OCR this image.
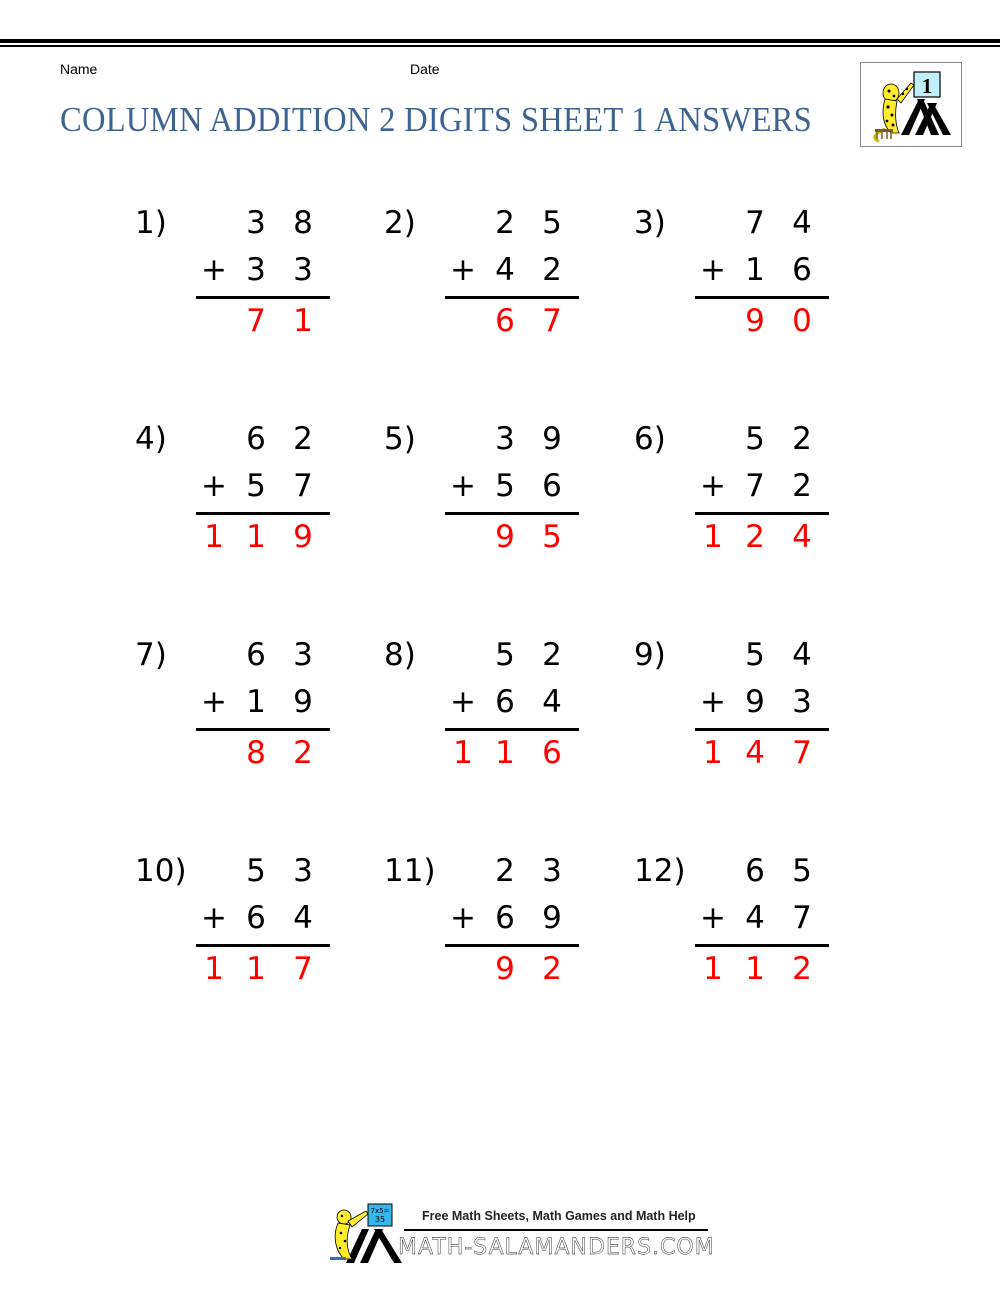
Name	Date
COLUMN ADDITION 2 DIGITS SHEET 1 ANSWERS
1
1)	3 8
+ 3 3
7 1
2)	2 5
+ 4 2
6 7
3)	7 4
+ 1 6
9 0
4)	6 2
+ 5 7
1 1 9
5)	3 9
+ 5 6
9 5
6)	5 2
+ 7 2
1 2 4
7)	6 3
+ 1 9
8 2
8)	5 2
+ 6 4
1 1 6
9)	5 4
+ 9 3
1 4 7
10) 5 3
+ 6 4
1 1 7
11) 2 3
+ 6 9
9 2
12) 6 5
+ 4 7
1 1 2
7x5=
35	Free Math Sheets, Math Games and Math Help
MATH-SALAMANDERS.COM
